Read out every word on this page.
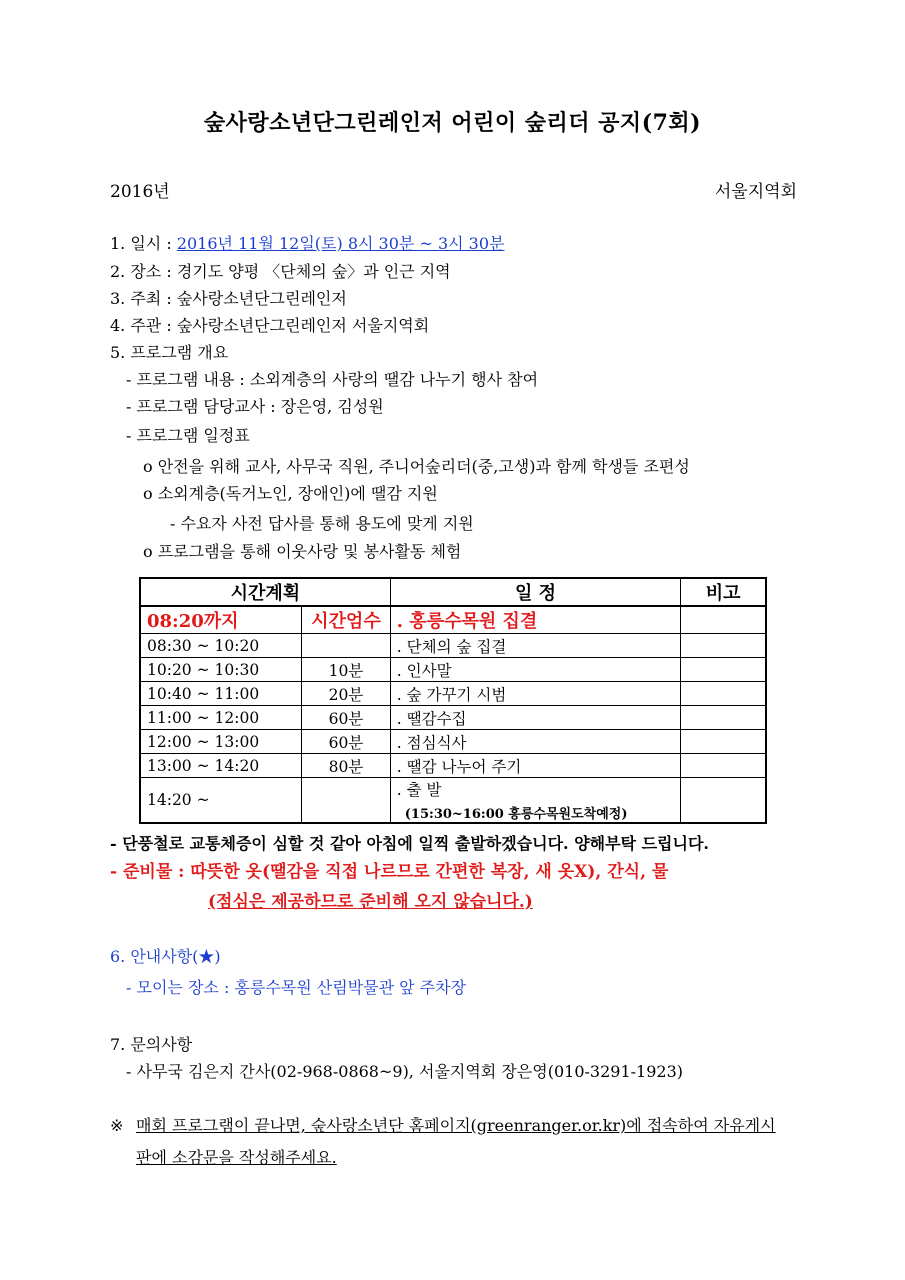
숲사랑소년단그린레인저 어린이 숲리더 공지(7회)
2016년	서울지역회
1. 일시 : 2016년 11월 12일(토) 8시 30분 ~ 3시 30분
2. 장소 : 경기도 양평 〈단체의 숲〉과 인근 지역
3. 주최 : 숲사랑소년단그린레인저
4. 주관 : 숲사랑소년단그린레인저 서울지역회
5. 프로그램 개요
- 프로그램 내용 : 소외계층의 사랑의 땔감 나누기 행사 참여
- 프로그램 담당교사 : 장은영, 김성원
- 프로그램 일정표
o 안전을 위해 교사, 사무국 직원, 주니어숲리더(중,고생)과 함께 학생들 조편성
o 소외계층(독거노인, 장애인)에 땔감 지원
- 수요자 사전 답사를 통해 용도에 맞게 지원
o 프로그램을 통해 이웃사랑 및 봉사활동 체험
시간계획		일 정	비고
08:20까지	시간엄수	. 홍릉수목원 집결	
08:30 ~ 10:20		. 단체의 숲 집결	
10:20 ~ 10:30	10분	. 인사말	
10:40 ~ 11:00	20분	. 숲 가꾸기 시범	
11:00 ~ 12:00	60분	. 땔감수집	
12:00 ~ 13:00	60분	. 점심식사	
13:00 ~ 14:20	80분	. 땔감 나누어 주기	
14:20 ~		. 출 발
(15:30~16:00 홍릉수목원도착예정)	

- 단풍철로 교통체증이 심할 것 같아 아침에 일찍 출발하겠습니다. 양해부탁 드립니다.
- 준비물 : 따뜻한 옷(땔감을 직접 나르므로 간편한 복장, 새 옷X), 간식, 물
(점심은 제공하므로 준비해 오지 않습니다.)
6. 안내사항(★)
- 모이는 장소 : 홍릉수목원 산림박물관 앞 주차장
7. 문의사항
- 사무국 김은지 간사(02-968-0868~9), 서울지역회 장은영(010-3291-1923)
※ 매회 프로그램이 끝나면, 숲사랑소년단 홈페이지(greenranger.or.kr)에 접속하여 자유게시
판에 소감문을 작성해주세요.
